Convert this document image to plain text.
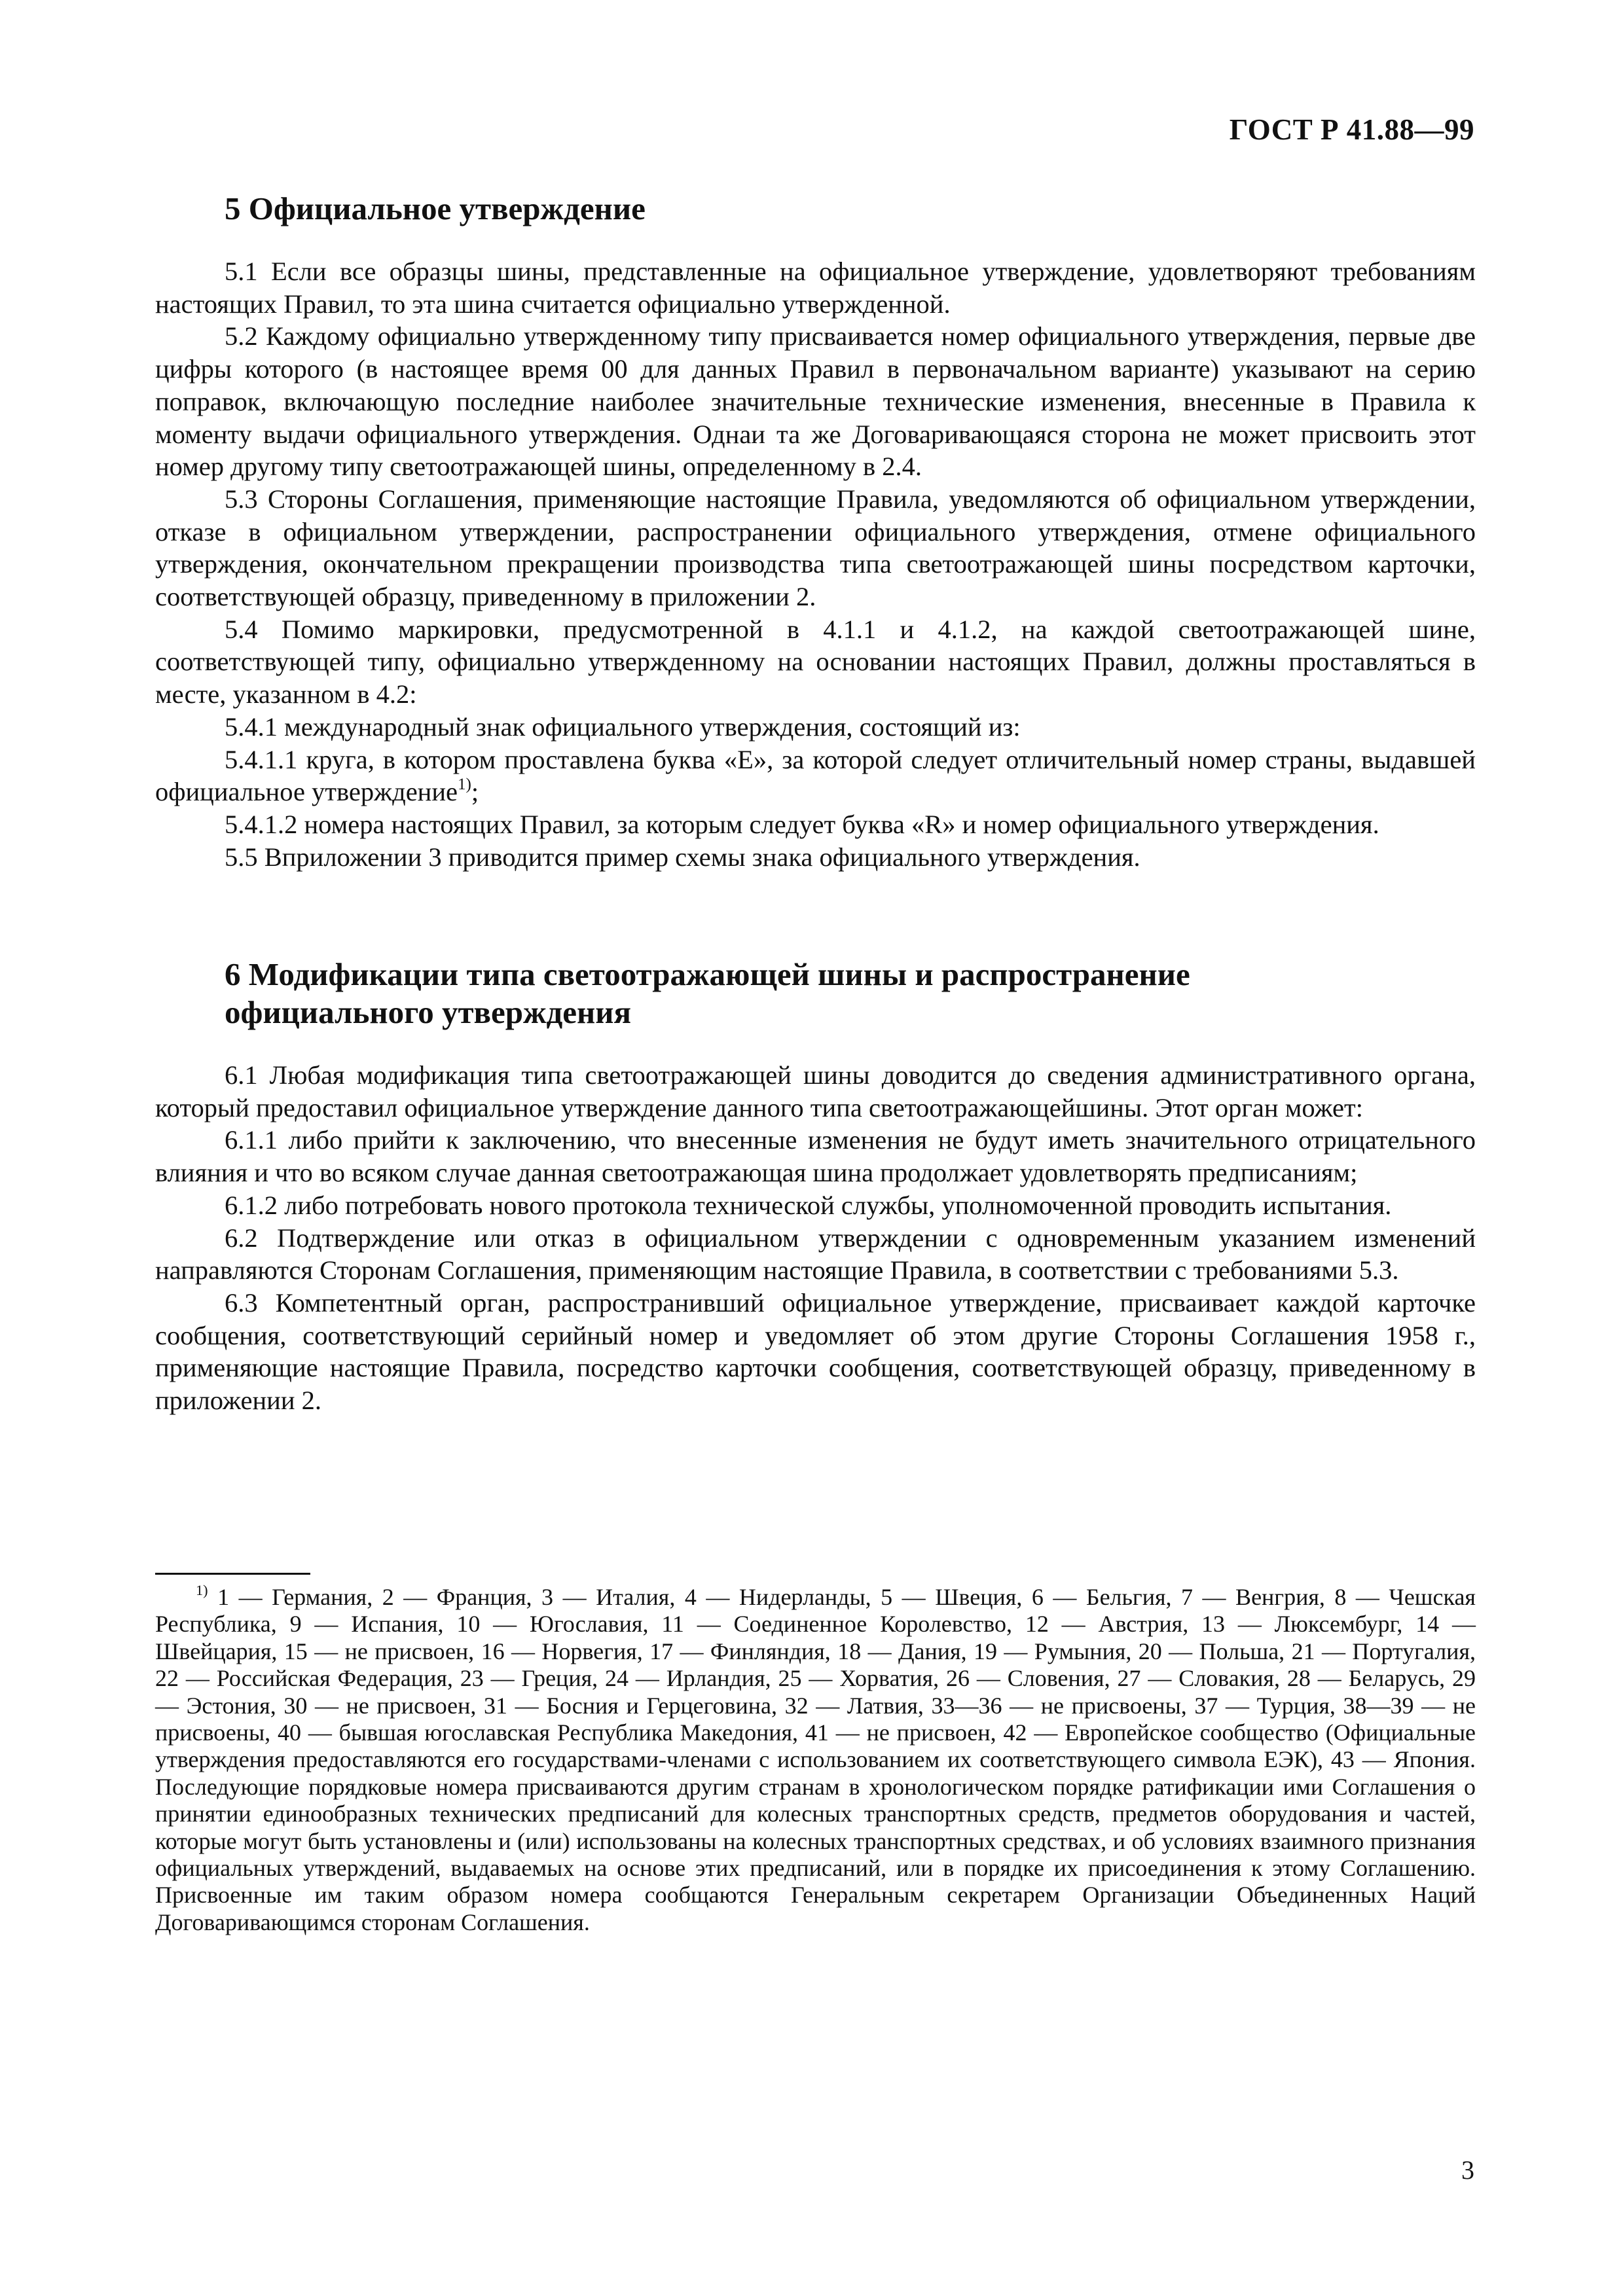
ГОСТ Р 41.88—99
5 Официальное утверждение

5.1 Если все образцы шины, представленные на официальное утверждение, удовлетворяют требованиям настоящих Правил, то эта шина считается официально утвержденной.

5.2 Каждому официально утвержденному типу присваивается номер официального утверждения, первые две цифры которого (в настоящее время 00 для данных Правил в первоначальном варианте) указывают на серию поправок, включающую последние наиболее значительные технические изменения, внесенные в Правила к моменту выдачи официального утверждения. Однаи та же Договаривающаяся сторона не может присвоить этот номер другому типу светоотражающей шины, определенному в 2.4.

5.3 Стороны Соглашения, применяющие настоящие Правила, уведомляются об официальном утверждении, отказе в официальном утверждении, распространении официального утверждения, отмене официального утверждения, окончательном прекращении производства типа светоотражающей шины посредством карточки, соответствующей образцу, приведенному в приложении 2.

5.4 Помимо маркировки, предусмотренной в 4.1.1 и 4.1.2, на каждой светоотражающей шине, соответствующей типу, официально утвержденному на основании настоящих Правил, должны проставляться в месте, указанном в 4.2:

5.4.1 международный знак официального утверждения, состоящий из:

5.4.1.1 круга, в котором проставлена буква «Е», за которой следует отличительный номер страны, выдавшей официальное утверждение$^{1)}$;

5.4.1.2 номера настоящих Правил, за которым следует буква «R» и номер официального утверждения.

5.5 Вприложении 3 приводится пример схемы знака официального утверждения.

6 Модификации типа светоотражающей шины и распространение
официального утверждения

6.1 Любая модификация типа светоотражающей шины доводится до сведения административного органа, который предоставил официальное утверждение данного типа светоотражающейшины. Этот орган может:

6.1.1 либо прийти к заключению, что внесенные изменения не будут иметь значительного отрицательного влияния и что во всяком случае данная светоотражающая шина продолжает удовлетворять предписаниям;

6.1.2 либо потребовать нового протокола технической службы, уполномоченной проводить испытания.

6.2 Подтверждение или отказ в официальном утверждении с одновременным указанием изменений направляются Сторонам Соглашения, применяющим настоящие Правила, в соответствии с требованиями 5.3.

6.3 Компетентный орган, распространивший официальное утверждение, присваивает каждой карточке сообщения, соответствующий серийный номер и уведомляет об этом другие Стороны Соглашения 1958 г., применяющие настоящие Правила, посредство карточки сообщения, соответствующей образцу, приведенному в приложении 2.

$^{1)}$ 1 — Германия, 2 — Франция, 3 — Италия, 4 — Нидерланды, 5 — Швеция, 6 — Бельгия, 7 — Венгрия, 8 — Чешская Республика, 9 — Испания, 10 — Югославия, 11 — Соединенное Королевство, 12 — Австрия, 13 — Люксембург, 14 — Швейцария, 15 — не присвоен, 16 — Норвегия, 17 — Финляндия, 18 — Дания, 19 — Румыния, 20 — Польша, 21 — Португалия, 22 — Российская Федерация, 23 — Греция, 24 — Ирландия, 25 — Хорватия, 26 — Словения, 27 — Словакия, 28 — Беларусь, 29 — Эстония, 30 — не присвоен, 31 — Босния и Герцеговина, 32 — Латвия, 33—36 — не присвоены, 37 — Турция, 38—39 — не присвоены, 40 — бывшая югославская Республика Македония, 41 — не присвоен, 42 — Европейское сообщество (Официальные утверждения предоставляются его государствами-членами с использованием их соответствующего символа ЕЭК), 43 — Япония. Последующие порядковые номера присваиваются другим странам в хронологическом порядке ратификации ими Соглашения о принятии единообразных технических предписаний для колесных транспортных средств, предметов оборудования и частей, которые могут быть установлены и (или) использованы на колесных транспортных средствах, и об условиях взаимного признания официальных утверждений, выдаваемых на основе этих предписаний, или в порядке их присоединения к этому Соглашению. Присвоенные им таким образом номера сообщаются Генеральным секретарем Организации Объединенных Наций Договаривающимся сторонам Соглашения.

3
